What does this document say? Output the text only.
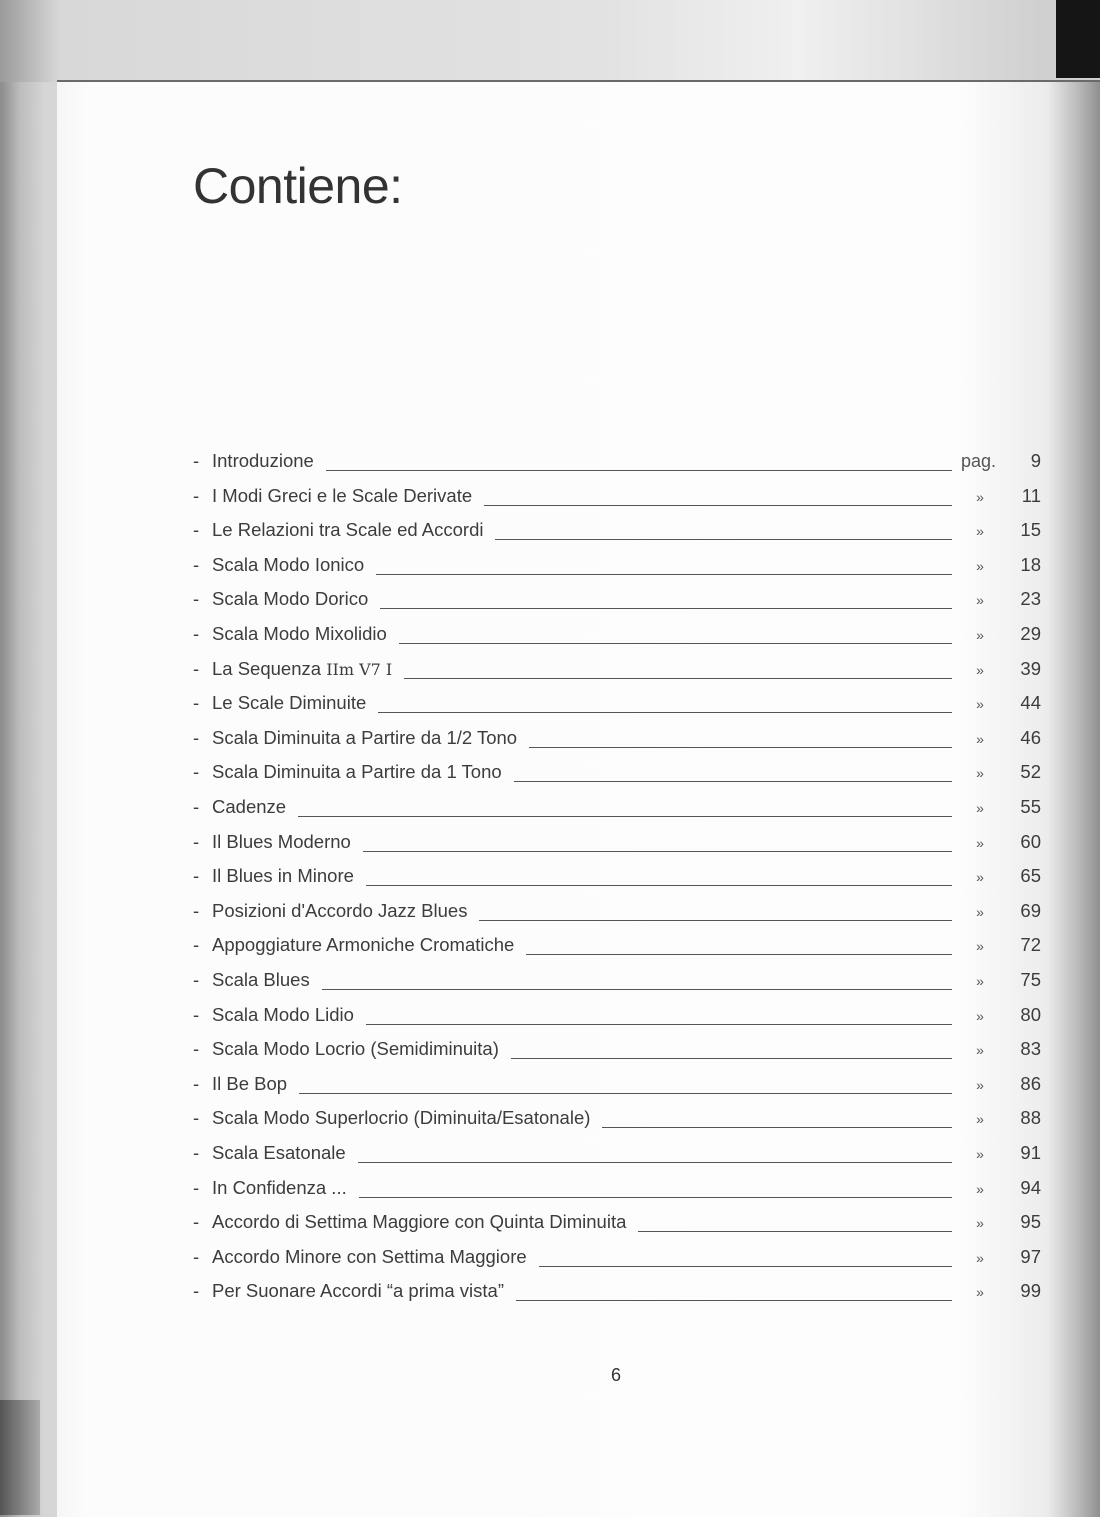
Contiene:
- Introduzione	pag. 9
- I Modi Greci e le Scale Derivate	»	11
- Le Relazioni tra Scale ed Accordi	»	15
- Scala Modo Ionico	»	18
- Scala Modo Dorico	»	23
- Scala Modo Mixolidio	»	29
- La Sequenza IIm V7 I	»	39
- Le Scale Diminuite	»	44
- Scala Diminuita a Partire da 1/2 Tono	»	46
- Scala Diminuita a Partire da 1 Tono	»	52
- Cadenze	»	55
- Il Blues Moderno	»	60
- Il Blues in Minore	»	65
- Posizioni d'Accordo Jazz Blues	»	69
- Appoggiature Armoniche Cromatiche	»	72
- Scala Blues	»	75
- Scala Modo Lidio	»	80
- Scala Modo Locrio (Semidiminuita)	»	83
- Il Be Bop	»	86
- Scala Modo Superlocrio (Diminuita/Esatonale)	»	88
- Scala Esatonale	»	91
- In Confidenza ...	»	94
- Accordo di Settima Maggiore con Quinta Diminuita	»	95
- Accordo Minore con Settima Maggiore	»	97
- Per Suonare Accordi “a prima vista”	»	99
6
